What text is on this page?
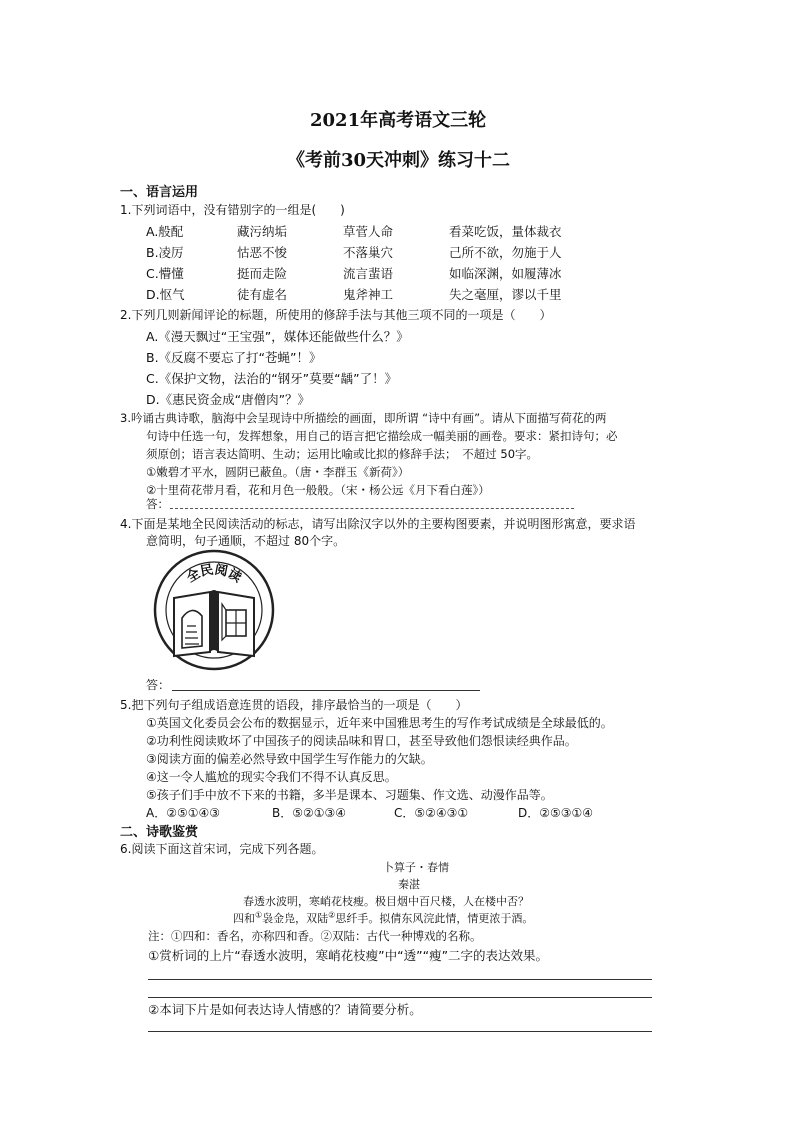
2021年高考语文三轮
《考前30天冲刺》练习十二
一、语言运用
1.下列词语中，没有错别字的一组是(　　)
A.般配	藏污纳垢	草菅人命	看菜吃饭，量体裁衣
B.凌厉	怙恶不悛	不落巢穴	己所不欲，勿施于人
C.懵懂	挺而走险	流言蜚语	如临深渊，如履薄冰
D.怄气	徒有虚名	鬼斧神工	失之毫厘，谬以千里
2.下列几则新闻评论的标题，所使用的修辞手法与其他三项不同的一项是（　　）
A.《漫天飘过“王宝强”，媒体还能做些什么？》
B.《反腐不要忘了打“苍蝇”！》
C.《保护文物，法治的“钢牙”莫要“龋”了！》
D.《惠民资金成“唐僧肉”？》
3.吟诵古典诗歌，脑海中会呈现诗中所描绘的画面，即所谓 “诗中有画”。请从下面描写荷花的两
句诗中任选一句，发挥想象，用自己的语言把它描绘成一幅美丽的画卷。要求：紧扣诗句；必
须原创；语言表达简明、生动；运用比喻或比拟的修辞手法；　不超过 50字。
①嫩碧才平水，圆阴已蔽鱼。（唐・李群玉《新荷》）
②十里荷花带月看，花和月色一般般。（宋・杨公远《月下看白莲》）
答：
4.下面是某地全民阅读活动的标志，请写出除汉字以外的主要构图要素，并说明图形寓意，要求语
意简明，句子通顺，不超过 80个字。
全民阅读
答：
5.把下列句子组成语意连贯的语段，排序最恰当的一项是（　　）
①英国文化委员会公布的数据显示，近年来中国雅思考生的写作考试成绩是全球最低的。
②功利性阅读败坏了中国孩子的阅读品味和胃口，甚至导致他们怨恨读经典作品。
③阅读方面的偏差必然导致中国学生写作能力的欠缺。
④这一令人尴尬的现实令我们不得不认真反思。
⑤孩子们手中放不下来的书籍，多半是课本、习题集、作文选、动漫作品等。
A．②⑤①④③	B．⑤②①③④	C．⑤②④③①	D．②⑤③①④
二、诗歌鉴赏
6.阅读下面这首宋词，完成下列各题。
卜算子・春情
秦湛
春透水波明，寒峭花枝瘦。极目烟中百尺楼，人在楼中否？
四和①袅金凫，双陆②思纤手。拟倩东风浣此情，情更浓于酒。
注：①四和：香名，亦称四和香。②双陆：古代一种博戏的名称。
①赏析词的上片“春透水波明，寒峭花枝瘦”中“透”“瘦”二字的表达效果。
②本词下片是如何表达诗人情感的？请简要分析。
